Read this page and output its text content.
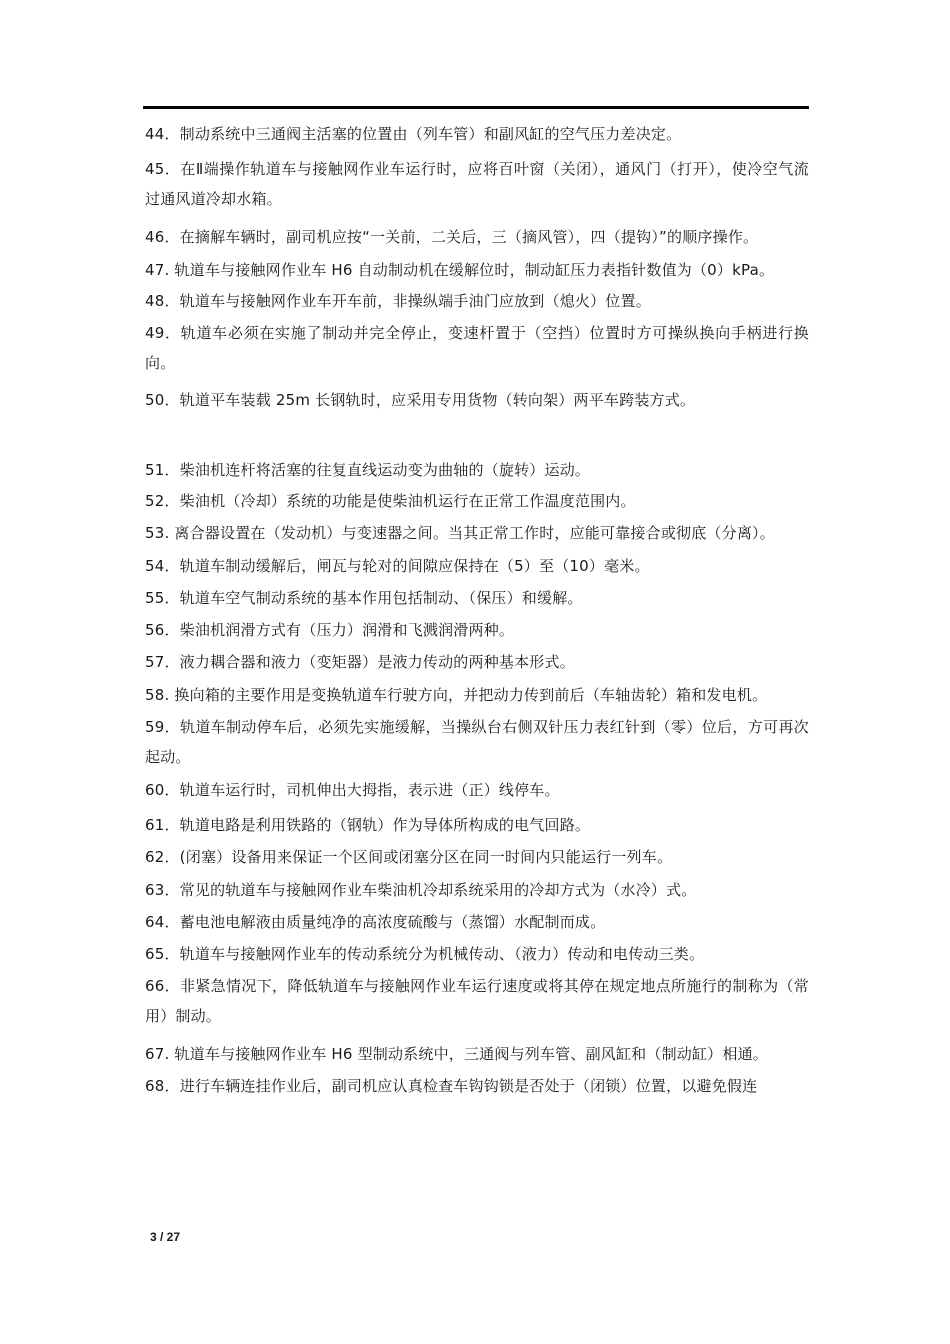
44．制动系统中三通阀主活塞的位置由（列车管）和副风缸的空气压力差决定。
45．在Ⅱ端操作轨道车与接触网作业车运行时，应将百叶窗（关闭），通风门（打开），使冷空气流过通风道冷却水箱。
46．在摘解车辆时，副司机应按“一关前，二关后，三（摘风管），四（提钩）”的顺序操作。
47. 轨道车与接触网作业车 H6 自动制动机在缓解位时，制动缸压力表指针数值为（0）kPa。
48．轨道车与接触网作业车开车前，非操纵端手油门应放到（熄火）位置。
49．轨道车必须在实施了制动并完全停止，变速杆置于（空挡）位置时方可操纵换向手柄进行换向。
50．轨道平车装载 25m 长钢轨时，应采用专用货物（转向架）两平车跨装方式。
51．柴油机连杆将活塞的往复直线运动变为曲轴的（旋转）运动。
52．柴油机（冷却）系统的功能是使柴油机运行在正常工作温度范围内。
53. 离合器设置在（发动机）与变速器之间。当其正常工作时，应能可靠接合或彻底（分离）。
54．轨道车制动缓解后，闸瓦与轮对的间隙应保持在（5）至（10）毫米。
55．轨道车空气制动系统的基本作用包括制动、（保压）和缓解。
56．柴油机润滑方式有（压力）润滑和飞溅润滑两种。
57．液力耦合器和液力（变矩器）是液力传动的两种基本形式。
58. 换向箱的主要作用是变换轨道车行驶方向，并把动力传到前后（车轴齿轮）箱和发电机。
59．轨道车制动停车后，必须先实施缓解，当操纵台右侧双针压力表红针到（零）位后，方可再次起动。
60．轨道车运行时，司机伸出大拇指，表示进（正）线停车。
61．轨道电路是利用铁路的（钢轨）作为导体所构成的电气回路。
62．(闭塞）设备用来保证一个区间或闭塞分区在同一时间内只能运行一列车。
63．常见的轨道车与接触网作业车柴油机冷却系统采用的冷却方式为（水冷）式。
64．蓄电池电解液由质量纯净的高浓度硫酸与（蒸馏）水配制而成。
65．轨道车与接触网作业车的传动系统分为机械传动、（液力）传动和电传动三类。
66．非紧急情况下，降低轨道车与接触网作业车运行速度或将其停在规定地点所施行的制称为（常用）制动。
67. 轨道车与接触网作业车 H6 型制动系统中，三通阀与列车管、副风缸和（制动缸）相通。
68．进行车辆连挂作业后，副司机应认真检查车钩钩锁是否处于（闭锁）位置，以避免假连
3 / 27
